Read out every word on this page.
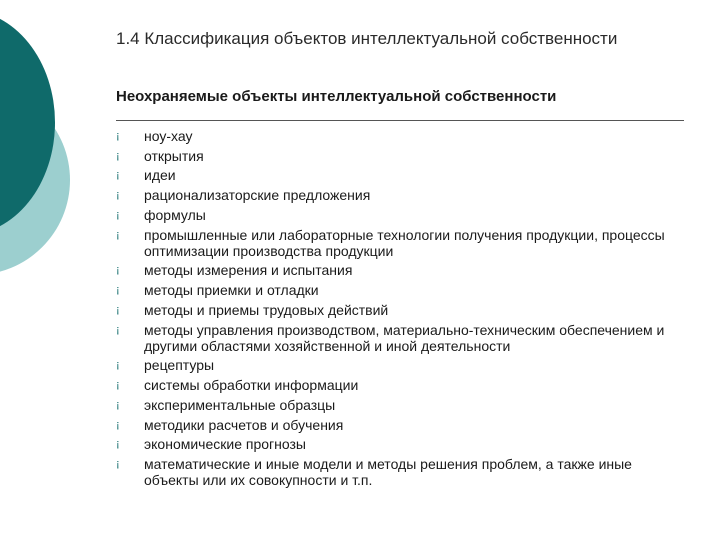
1.4 Классификация объектов интеллектуальной собственности
Неохраняемые объекты интеллектуальной собственности
¡	ноу-хау
¡	открытия
¡	идеи
¡	рационализаторские предложения
¡	формулы
¡	промышленные или лабораторные технологии получения продукции, процессы оптимизации производства продукции
¡	методы измерения и испытания
¡	методы приемки и отладки
¡	методы и приемы трудовых действий
¡	методы управления производством, материально-техническим обеспечением и другими областями хозяйственной и иной деятельности
¡	рецептуры
¡	системы обработки информации
¡	экспериментальные образцы
¡	методики расчетов и обучения
¡	экономические прогнозы
¡	математические и иные модели и методы решения проблем, а также иные объекты или их совокупности и т.п.
